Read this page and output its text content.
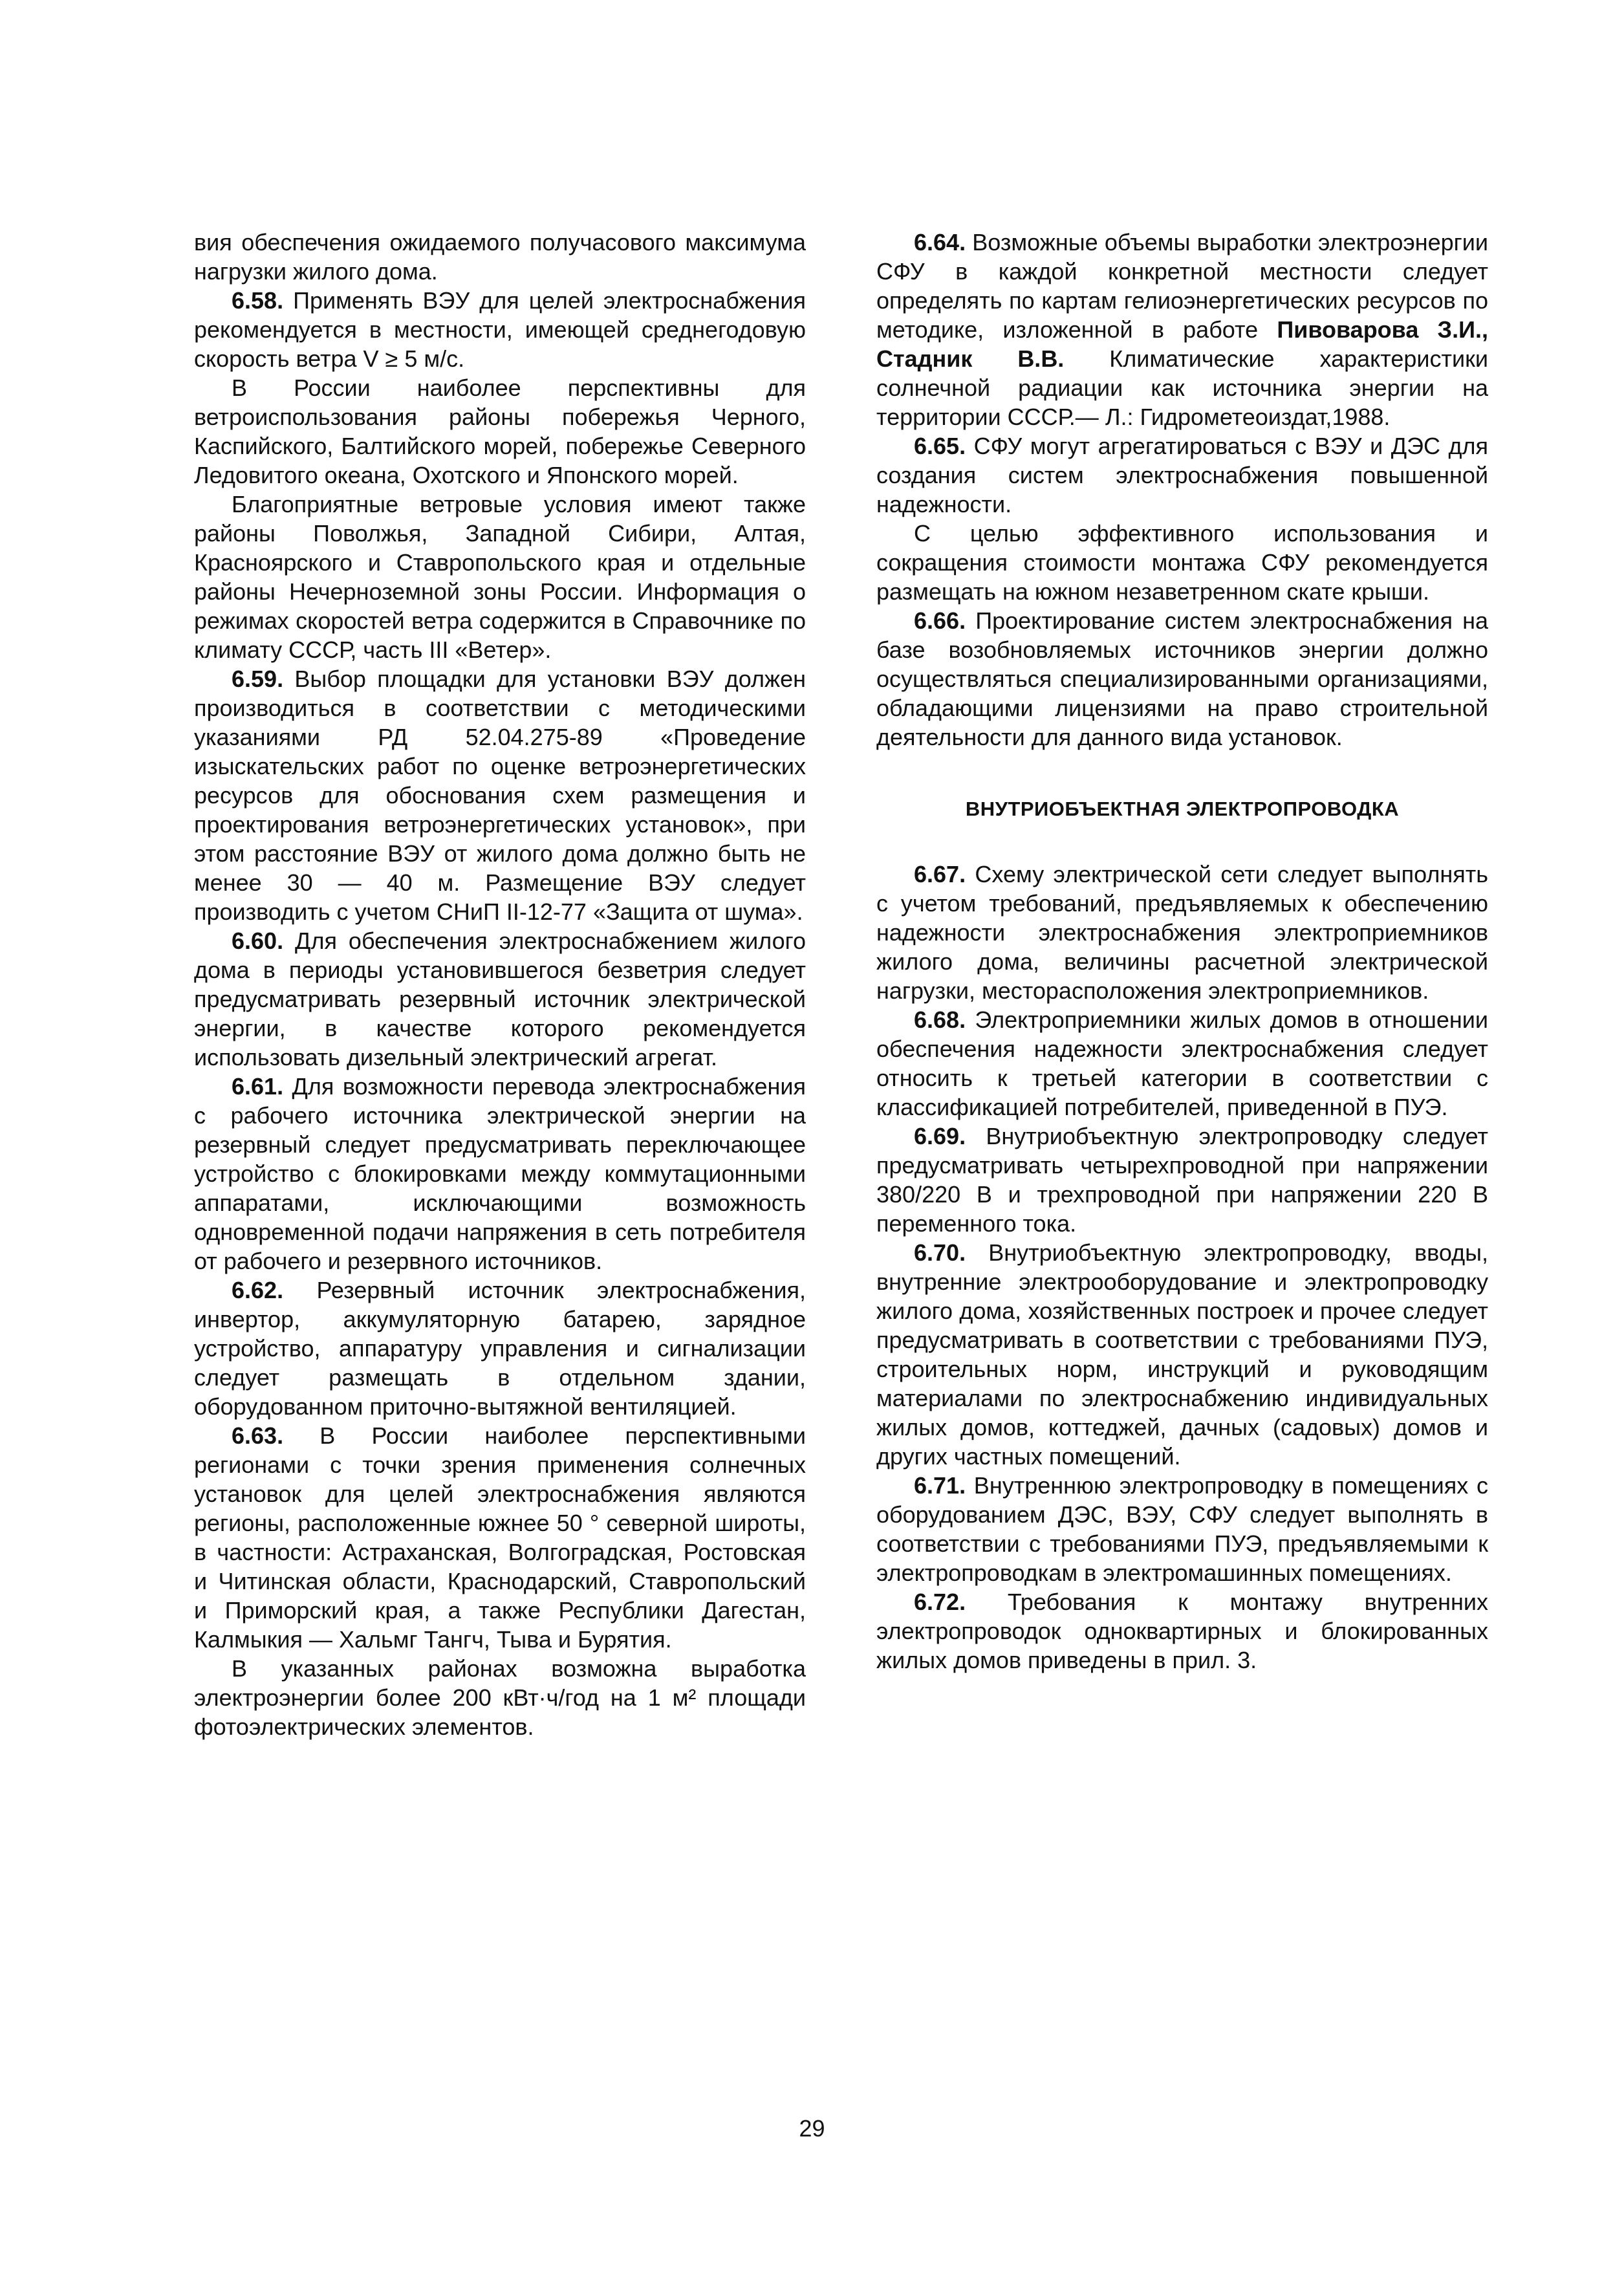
вия обеспечения ожидаемого получасового максимума нагрузки жилого дома.

6.58. Применять ВЭУ для целей электроснабжения рекомендуется в местности, имеющей среднегодовую скорость ветра V ≥ 5 м/с.

В России наиболее перспективны для ветроиспользования районы побережья Черного, Каспийского, Балтийского морей, побережье Северного Ледовитого океана, Охотского и Японского морей.

Благоприятные ветровые условия имеют также районы Поволжья, Западной Сибири, Алтая, Красноярского и Ставропольского края и отдельные районы Нечерноземной зоны России. Информация о режимах скоростей ветра содержится в Справочнике по климату СССР, часть III «Ветер».

6.59. Выбор площадки для установки ВЭУ должен производиться в соответствии с методическими указаниями РД 52.04.275-89 «Проведение изыскательских работ по оценке ветроэнергетических ресурсов для обоснования схем размещения и проектирования ветроэнергетических установок», при этом расстояние ВЭУ от жилого дома должно быть не менее 30 — 40 м. Размещение ВЭУ следует производить с учетом СНиП II-12-77 «Защита от шума».

6.60. Для обеспечения электроснабжением жилого дома в периоды установившегося безветрия следует предусматривать резервный источник электрической энергии, в качестве которого рекомендуется использовать дизельный электрический агрегат.

6.61. Для возможности перевода электроснабжения с рабочего источника электрической энергии на резервный следует предусматривать переключающее устройство с блокировками между коммутационными аппаратами, исключающими возможность одновременной подачи напряжения в сеть потребителя от рабочего и резервного источников.

6.62. Резервный источник электроснабжения, инвертор, аккумуляторную батарею, зарядное устройство, аппаратуру управления и сигнализации следует размещать в отдельном здании, оборудованном приточно-вытяжной вентиляцией.

6.63. В России наиболее перспективными регионами с точки зрения применения солнечных установок для целей электроснабжения являются регионы, расположенные южнее 50 ° северной широты, в частности: Астраханская, Волгоградская, Ростовская и Читинская области, Краснодарский, Ставропольский и Приморский края, а также Республики Дагестан, Калмыкия — Хальмг Тангч, Тыва и Бурятия.

В указанных районах возможна выработка электроэнергии более 200 кВт·ч/год на 1 м² площади фотоэлектрических элементов.

6.64. Возможные объемы выработки электроэнергии СФУ в каждой конкретной местности следует определять по картам гелиоэнергетических ресурсов по методике, изложенной в работе Пивоварова З.И., Стадник В.В. Климатические характеристики солнечной радиации как источника энергии на территории СССР.— Л.: Гидрометеоиздат,1988.

6.65. СФУ могут агрегатироваться с ВЭУ и ДЭС для создания систем электроснабжения повышенной надежности.

С целью эффективного использования и сокращения стоимости монтажа СФУ рекомендуется размещать на южном незаветренном скате крыши.

6.66. Проектирование систем электроснабжения на базе возобновляемых источников энергии должно осуществляться специализированными организациями, обладающими лицензиями на право строительной деятельности для данного вида установок.

ВНУТРИОБЪЕКТНАЯ ЭЛЕКТРОПРОВОДКА

6.67. Схему электрической сети следует выполнять с учетом требований, предъявляемых к обеспечению надежности электроснабжения электроприемников жилого дома, величины расчетной электрической нагрузки, месторасположения электроприемников.

6.68. Электроприемники жилых домов в отношении обеспечения надежности электроснабжения следует относить к третьей категории в соответствии с классификацией потребителей, приведенной в ПУЭ.

6.69. Внутриобъектную электропроводку следует предусматривать четырехпроводной при напряжении 380/220 В и трехпроводной при напряжении 220 В переменного тока.

6.70. Внутриобъектную электропроводку, вводы, внутренние электрооборудование и электропроводку жилого дома, хозяйственных построек и прочее следует предусматривать в соответствии с требованиями ПУЭ, строительных норм, инструкций и руководящим материалами по электроснабжению индивидуальных жилых домов, коттеджей, дачных (садовых) домов и других частных помещений.

6.71. Внутреннюю электропроводку в помещениях с оборудованием ДЭС, ВЭУ, СФУ следует выполнять в соответствии с требованиями ПУЭ, предъявляемыми к электропроводкам в электромашинных помещениях.

6.72. Требования к монтажу внутренних электропроводок одноквартирных и блокированных жилых домов приведены в прил. 3.

29
